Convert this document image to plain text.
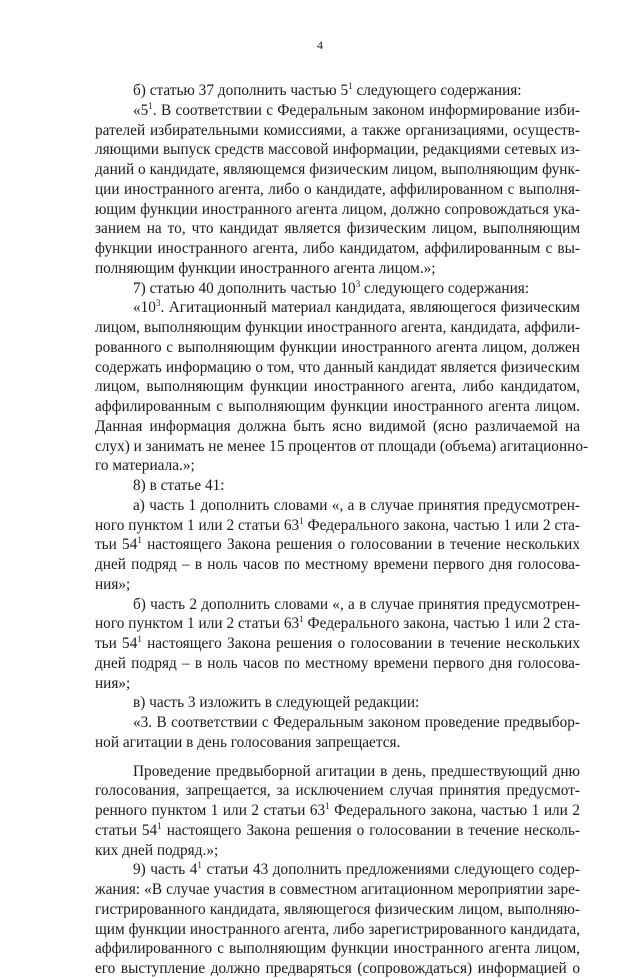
4
б) статью 37 дополнить частью $5^1$ следующего содержания:
«$5^1$. В соответствии с Федеральным законом информирование изби-
рателей избирательными комиссиями, а также организациями, осуществ-
ляющими выпуск средств массовой информации, редакциями сетевых из-
даний о кандидате, являющемся физическим лицом, выполняющим функ-
ции иностранного агента, либо о кандидате, аффилированном с выполня-
ющим функции иностранного агента лицом, должно сопровождаться ука-
занием на то, что кандидат является физическим лицом, выполняющим
функции иностранного агента, либо кандидатом, аффилированным с вы-
полняющим функции иностранного агента лицом.»;
7) статью 40 дополнить частью $10^3$ следующего содержания:
«$10^3$. Агитационный материал кандидата, являющегося физическим
лицом, выполняющим функции иностранного агента, кандидата, аффили-
рованного с выполняющим функции иностранного агента лицом, должен
содержать информацию о том, что данный кандидат является физическим
лицом, выполняющим функции иностранного агента, либо кандидатом,
аффилированным с выполняющим функции иностранного агента лицом.
Данная информация должна быть ясно видимой (ясно различаемой на
слух) и занимать не менее 15 процентов от площади (объема) агитационно-
го материала.»;
8) в статье 41:
а) часть 1 дополнить словами «, а в случае принятия предусмотрен-
ного пунктом 1 или 2 статьи $63^1$ Федерального закона, частью 1 или 2 ста-
тьи $54^1$ настоящего Закона решения о голосовании в течение нескольких
дней подряд – в ноль часов по местному времени первого дня голосова-
ния»;
б) часть 2 дополнить словами «, а в случае принятия предусмотрен-
ного пунктом 1 или 2 статьи $63^1$ Федерального закона, частью 1 или 2 ста-
тьи $54^1$ настоящего Закона решения о голосовании в течение нескольких
дней подряд – в ноль часов по местному времени первого дня голосова-
ния»;
в) часть 3 изложить в следующей редакции:
«3. В соответствии с Федеральным законом проведение предвыбор-
ной агитации в день голосования запрещается.
Проведение предвыборной агитации в день, предшествующий дню
голосования, запрещается, за исключением случая принятия предусмот-
ренного пунктом 1 или 2 статьи $63^1$ Федерального закона, частью 1 или 2
статьи $54^1$ настоящего Закона решения о голосовании в течение несколь-
ких дней подряд.»;
9) часть $4^1$ статьи 43 дополнить предложениями следующего содер-
жания: «В случае участия в совместном агитационном мероприятии заре-
гистрированного кандидата, являющегося физическим лицом, выполняю-
щим функции иностранного агента, либо зарегистрированного кандидата,
аффилированного с выполняющим функции иностранного агента лицом,
его выступление должно предваряться (сопровождаться) информацией о
